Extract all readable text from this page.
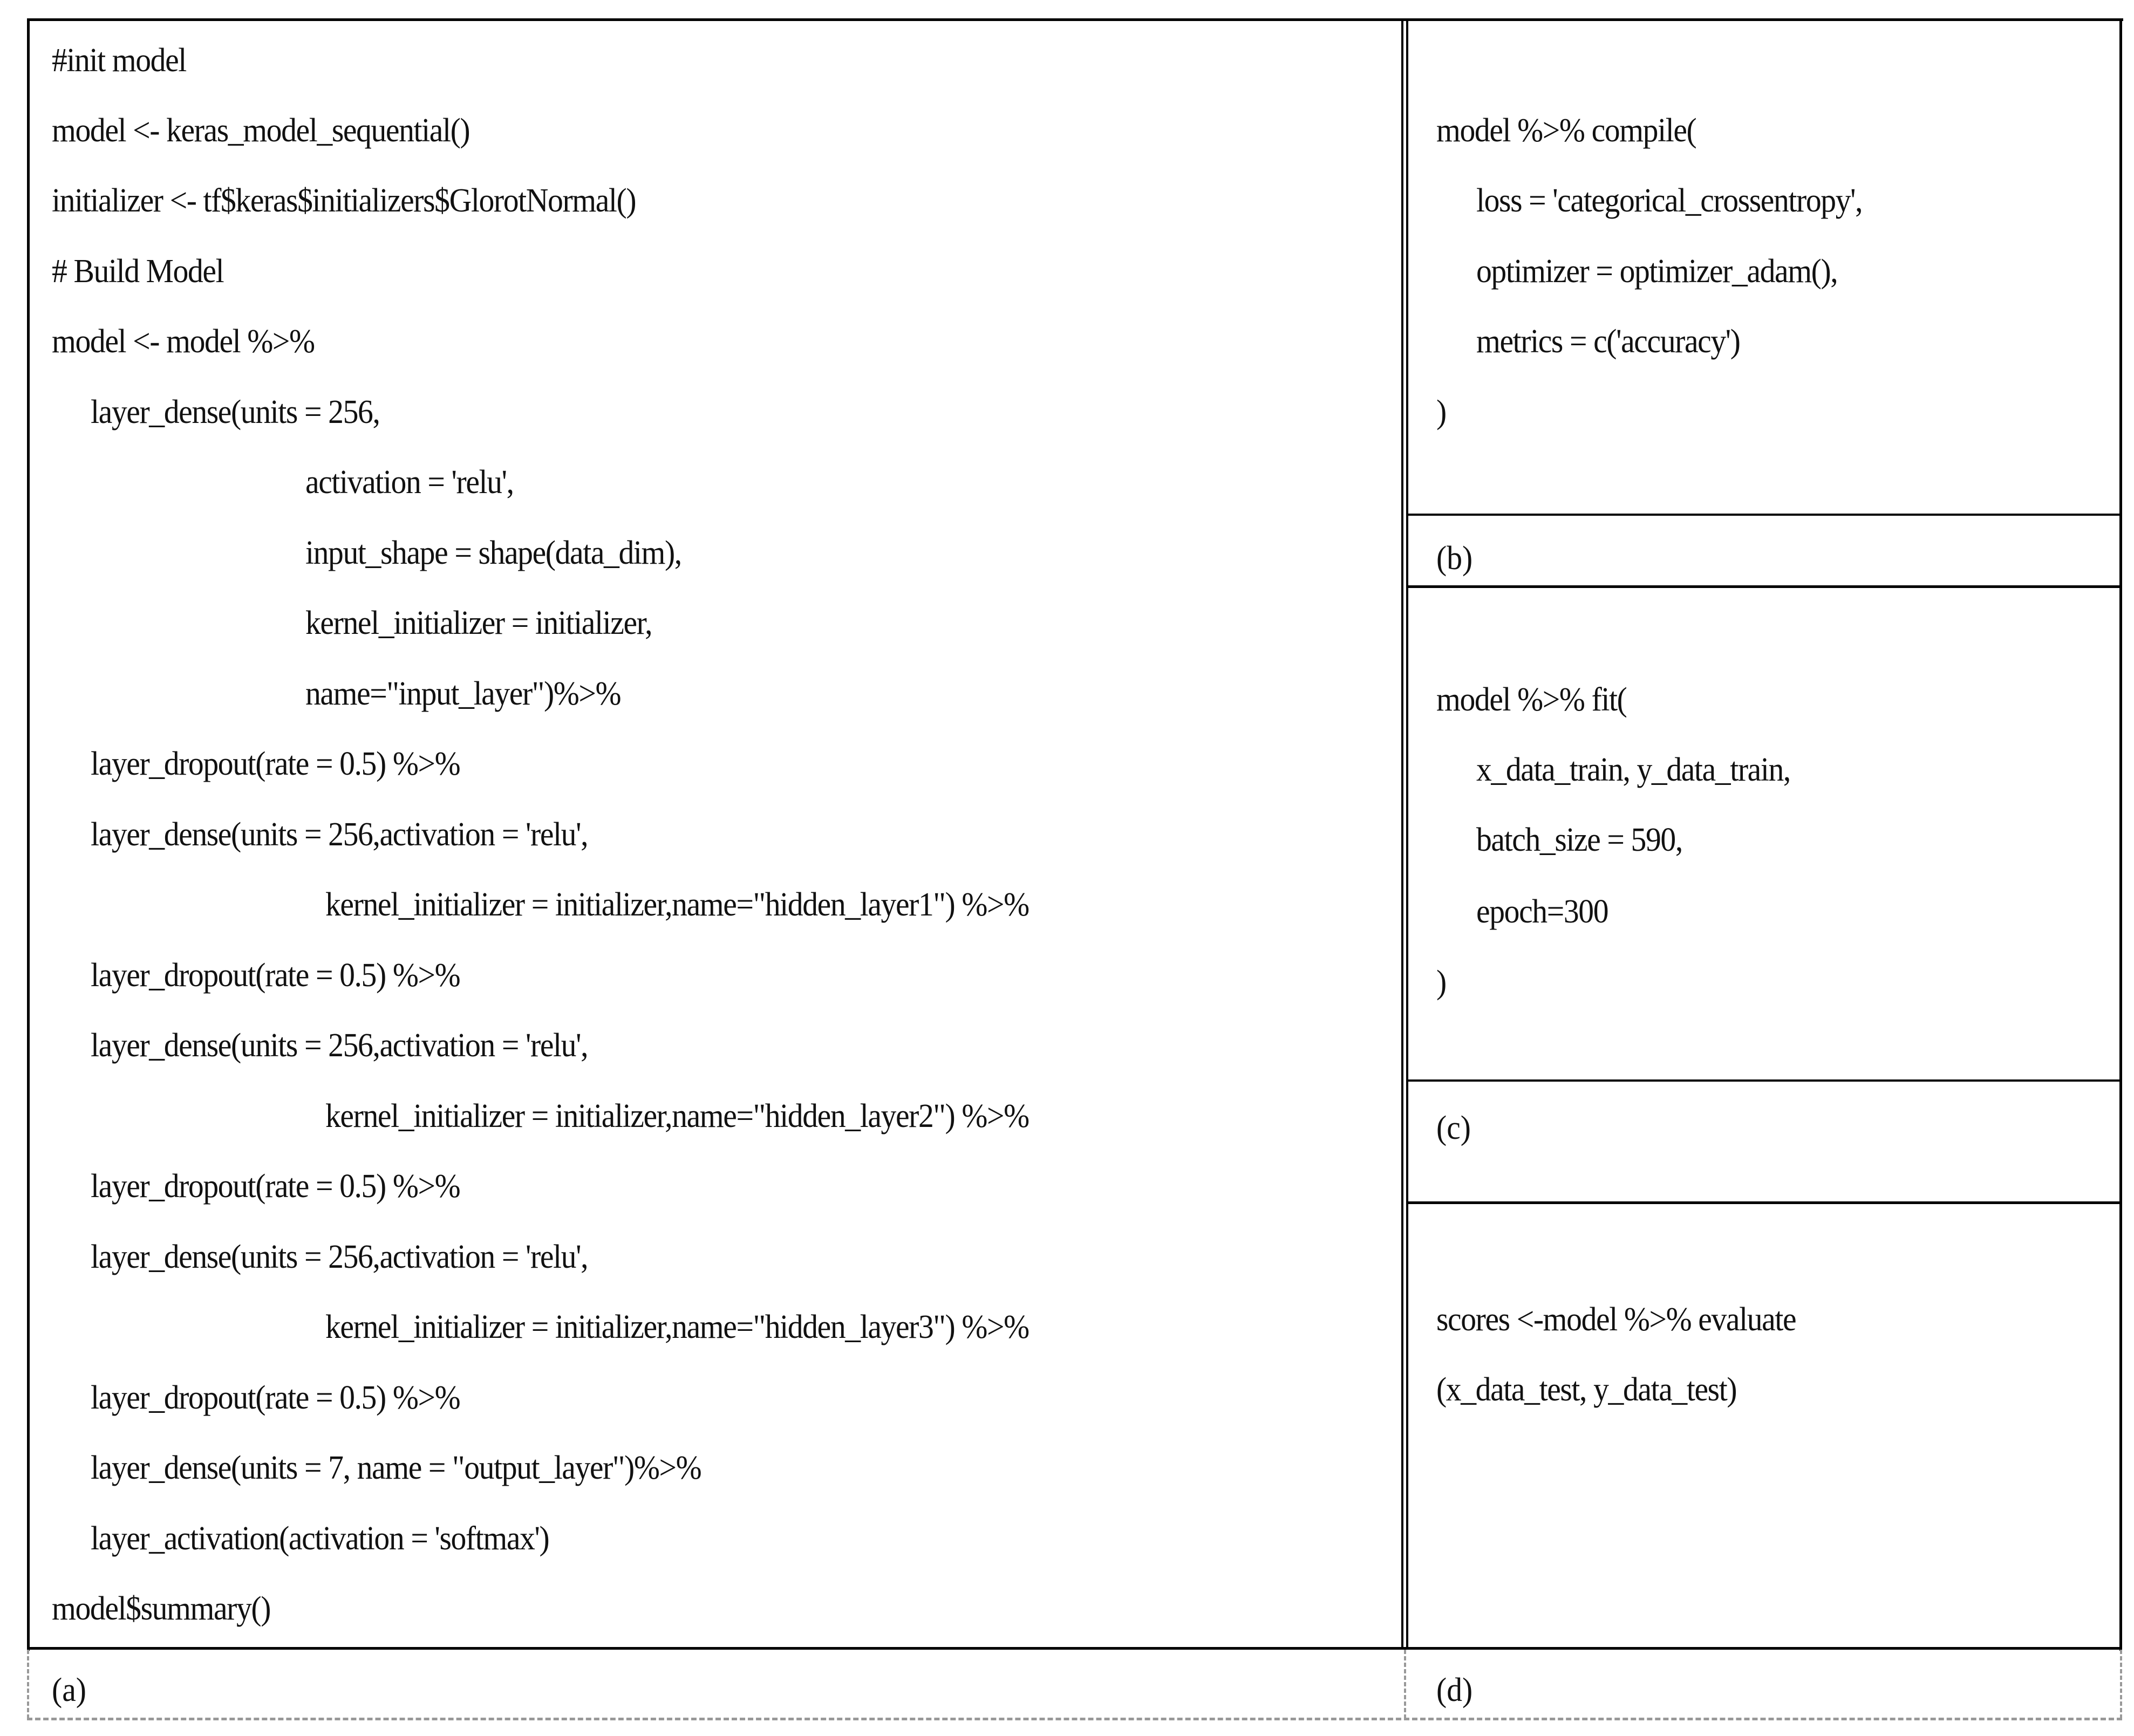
#init model
model <- keras_model_sequential()
initializer <- tf$keras$initializers$GlorotNormal()
# Build Model
model <- model %>%
layer_dense(units = 256,
activation = 'relu',
input_shape = shape(data_dim),
kernel_initializer = initializer,
name="input_layer")%>%
layer_dropout(rate = 0.5) %>%
layer_dense(units = 256,activation = 'relu',
kernel_initializer = initializer,name="hidden_layer1") %>%
layer_dropout(rate = 0.5) %>%
layer_dense(units = 256,activation = 'relu',
kernel_initializer = initializer,name="hidden_layer2") %>%
layer_dropout(rate = 0.5) %>%
layer_dense(units = 256,activation = 'relu',
kernel_initializer = initializer,name="hidden_layer3") %>%
layer_dropout(rate = 0.5) %>%
layer_dense(units = 7, name = "output_layer")%>%
layer_activation(activation = 'softmax')
model$summary()
(a)
model %>% compile(
loss = 'categorical_crossentropy',
optimizer = optimizer_adam(),
metrics = c('accuracy')
)
(b)
model %>% fit(
x_data_train, y_data_train,
batch_size = 590,
epoch=300
)
(c)
scores <-model %>% evaluate
(x_data_test, y_data_test)
(d)
